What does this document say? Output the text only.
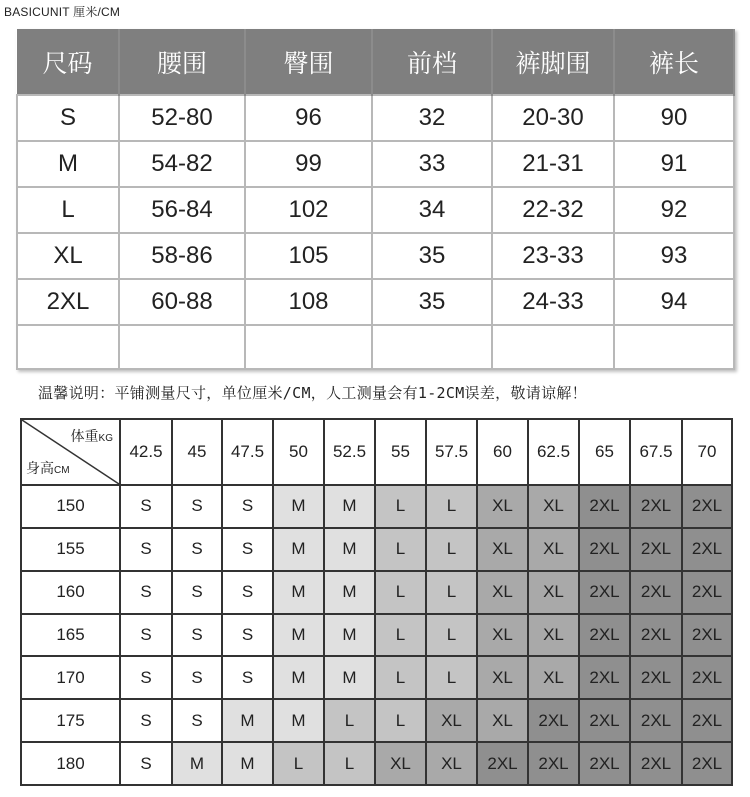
BASICUNIT 厘米/CM
尺码	腰围	臀围	前档	裤脚围	裤长
S	52-80	96	32	20-30	90
M	54-82	99	33	21-31	91
L	56-84	102	34	22-32	92
XL	58-86	105	35	23-33	93
2XL	60-88	108	35	24-33	94

温馨说明：平铺测量尺寸，单位厘米/CM，人工测量会有1-2CM误差，敬请谅解！
体重KG
身高CM	42.5	45	47.5	50	52.5	55	57.5	60	62.5	65	67.5	70
150	S	S	S	M	M	L	L	XL	XL	2XL	2XL	2XL
155	S	S	S	M	M	L	L	XL	XL	2XL	2XL	2XL
160	S	S	S	M	M	L	L	XL	XL	2XL	2XL	2XL
165	S	S	S	M	M	L	L	XL	XL	2XL	2XL	2XL
170	S	S	S	M	M	L	L	XL	XL	2XL	2XL	2XL
175	S	S	M	M	L	L	XL	XL	2XL	2XL	2XL	2XL
180	S	M	M	L	L	XL	XL	2XL	2XL	2XL	2XL	2XL
